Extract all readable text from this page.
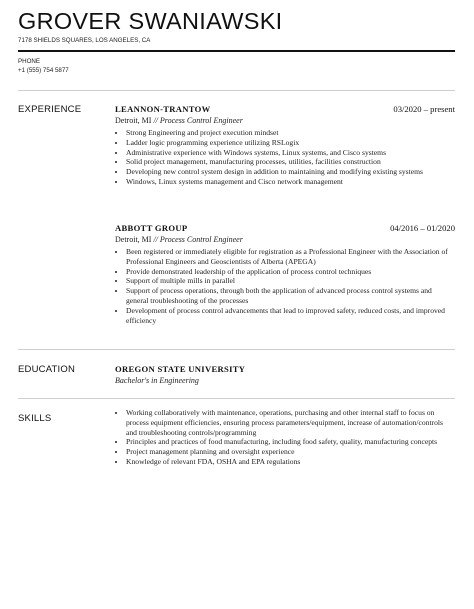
GROVER SWANIAWSKI
7178 SHIELDS SQUARES, LOS ANGELES, CA
PHONE
+1 (555) 754 5877
EXPERIENCE	LEANNON-TRANTOW	03/2020 – present
Detroit, MI // Process Control Engineer
• Strong Engineering and project execution mindset
• Ladder logic programming experience utilizing RSLogix
• Administrative experience with Windows systems, Linux systems, and Cisco systems
• Solid project management, manufacturing processes, utilities, facilities construction
• Developing new control system design in addition to maintaining and modifying existing systems
• Windows, Linux systems management and Cisco network management
ABBOTT GROUP	04/2016 – 01/2020
Detroit, MI // Process Control Engineer
• Been registered or immediately eligible for registration as a Professional Engineer with the Association of Professional Engineers and Geoscientists of Alberta (APEGA)
• Provide demonstrated leadership of the application of process control techniques
• Support of multiple mills in parallel
• Support of process operations, through both the application of advanced process control systems and general troubleshooting of the processes
• Development of process control advancements that lead to improved safety, reduced costs, and improved efficiency
EDUCATION	OREGON STATE UNIVERSITY
Bachelor's in Engineering
SKILLS
• Working collaboratively with maintenance, operations, purchasing and other internal staff to focus on process equipment efficiencies, ensuring process parameters/equipment, increase of automation/controls and troubleshooting controls/programming
• Principles and practices of food manufacturing, including food safety, quality, manufacturing concepts
• Project management planning and oversight experience
• Knowledge of relevant FDA, OSHA and EPA regulations
